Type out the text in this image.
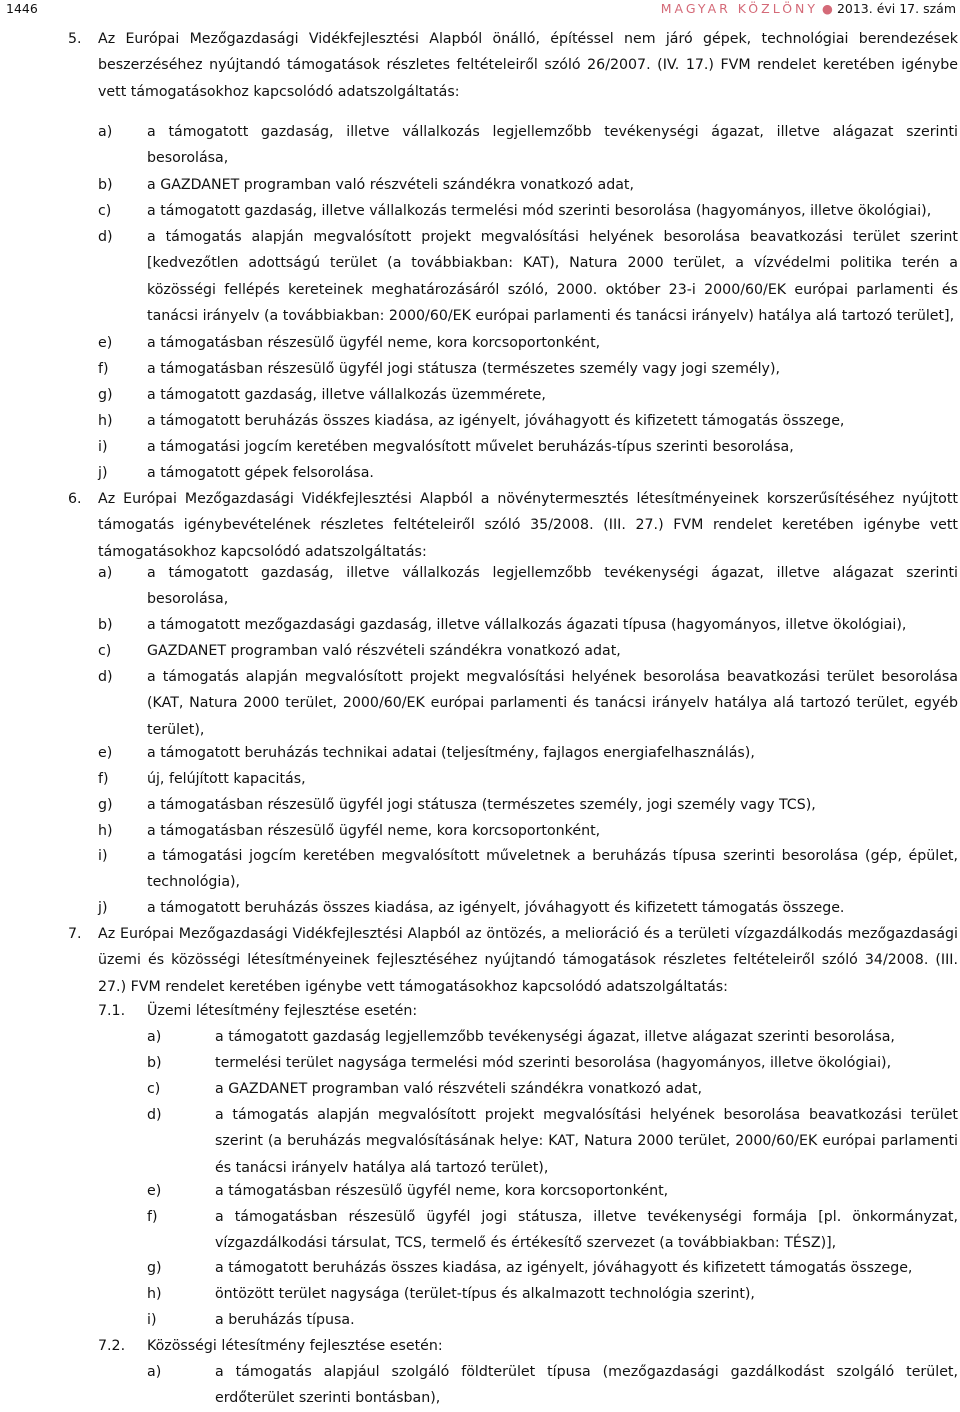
1446	MAGYAR KÖZLÖNY ● 2013. évi 17. szám
5. Az Európai Mezőgazdasági Vidékfejlesztési Alapból önálló, építéssel nem járó gépek, technológiai berendezések beszerzéséhez nyújtandó támogatások részletes feltételeiről szóló 26/2007. (IV. 17.) FVM rendelet keretében igénybe vett támogatásokhoz kapcsolódó adatszolgáltatás:
a)	a támogatott gazdaság, illetve vállalkozás legjellemzőbb tevékenységi ágazat, illetve alágazat szerinti besorolása,
b)	a GAZDANET programban való részvételi szándékra vonatkozó adat,
c)	a támogatott gazdaság, illetve vállalkozás termelési mód szerinti besorolása (hagyományos, illetve ökológiai),
d)	a támogatás alapján megvalósított projekt megvalósítási helyének besorolása beavatkozási terület szerint [kedvezőtlen adottságú terület (a továbbiakban: KAT), Natura 2000 terület, a vízvédelmi politika terén a közösségi fellépés kereteinek meghatározásáról szóló, 2000. október 23-i 2000/60/EK európai parlamenti és tanácsi irányelv (a továbbiakban: 2000/60/EK európai parlamenti és tanácsi irányelv) hatálya alá tartozó terület],
e)	a támogatásban részesülő ügyfél neme, kora korcsoportonként,
f)	a támogatásban részesülő ügyfél jogi státusza (természetes személy vagy jogi személy),
g)	a támogatott gazdaság, illetve vállalkozás üzemmérete,
h)	a támogatott beruházás összes kiadása, az igényelt, jóváhagyott és kifizetett támogatás összege,
i)	a támogatási jogcím keretében megvalósított művelet beruházás-típus szerinti besorolása,
j)	a támogatott gépek felsorolása.
6. Az Európai Mezőgazdasági Vidékfejlesztési Alapból a növénytermesztés létesítményeinek korszerűsítéséhez nyújtott támogatás igénybevételének részletes feltételeiről szóló 35/2008. (III. 27.) FVM rendelet keretében igénybe vett támogatásokhoz kapcsolódó adatszolgáltatás:
a)	a támogatott gazdaság, illetve vállalkozás legjellemzőbb tevékenységi ágazat, illetve alágazat szerinti besorolása,
b)	a támogatott mezőgazdasági gazdaság, illetve vállalkozás ágazati típusa (hagyományos, illetve ökológiai),
c)	GAZDANET programban való részvételi szándékra vonatkozó adat,
d)	a támogatás alapján megvalósított projekt megvalósítási helyének besorolása beavatkozási terület besorolása (KAT, Natura 2000 terület, 2000/60/EK európai parlamenti és tanácsi irányelv hatálya alá tartozó terület, egyéb terület),
e)	a támogatott beruházás technikai adatai (teljesítmény, fajlagos energiafelhasználás),
f)	új, felújított kapacitás,
g)	a támogatásban részesülő ügyfél jogi státusza (természetes személy, jogi személy vagy TCS),
h)	a támogatásban részesülő ügyfél neme, kora korcsoportonként,
i)	a támogatási jogcím keretében megvalósított műveletnek a beruházás típusa szerinti besorolása (gép, épület, technológia),
j)	a támogatott beruházás összes kiadása, az igényelt, jóváhagyott és kifizetett támogatás összege.
7. Az Európai Mezőgazdasági Vidékfejlesztési Alapból az öntözés, a melioráció és a területi vízgazdálkodás mezőgazdasági üzemi és közösségi létesítményeinek fejlesztéséhez nyújtandó támogatások részletes feltételeiről szóló 34/2008. (III. 27.) FVM rendelet keretében igénybe vett támogatásokhoz kapcsolódó adatszolgáltatás:
7.1. Üzemi létesítmény fejlesztése esetén:
a)	a támogatott gazdaság legjellemzőbb tevékenységi ágazat, illetve alágazat szerinti besorolása,
b)	termelési terület nagysága termelési mód szerinti besorolása (hagyományos, illetve ökológiai),
c)	a GAZDANET programban való részvételi szándékra vonatkozó adat,
d)	a támogatás alapján megvalósított projekt megvalósítási helyének besorolása beavatkozási terület szerint (a beruházás megvalósításának helye: KAT, Natura 2000 terület, 2000/60/EK európai parlamenti és tanácsi irányelv hatálya alá tartozó terület),
e)	a támogatásban részesülő ügyfél neme, kora korcsoportonként,
f)	a támogatásban részesülő ügyfél jogi státusza, illetve tevékenységi formája [pl. önkormányzat, vízgazdálkodási társulat, TCS, termelő és értékesítő szervezet (a továbbiakban: TÉSZ)],
g)	a támogatott beruházás összes kiadása, az igényelt, jóváhagyott és kifizetett támogatás összege,
h)	öntözött terület nagysága (terület-típus és alkalmazott technológia szerint),
i)	a beruházás típusa.
7.2. Közösségi létesítmény fejlesztése esetén:
a)	a támogatás alapjául szolgáló földterület típusa (mezőgazdasági gazdálkodást szolgáló terület, erdőterület szerinti bontásban),
